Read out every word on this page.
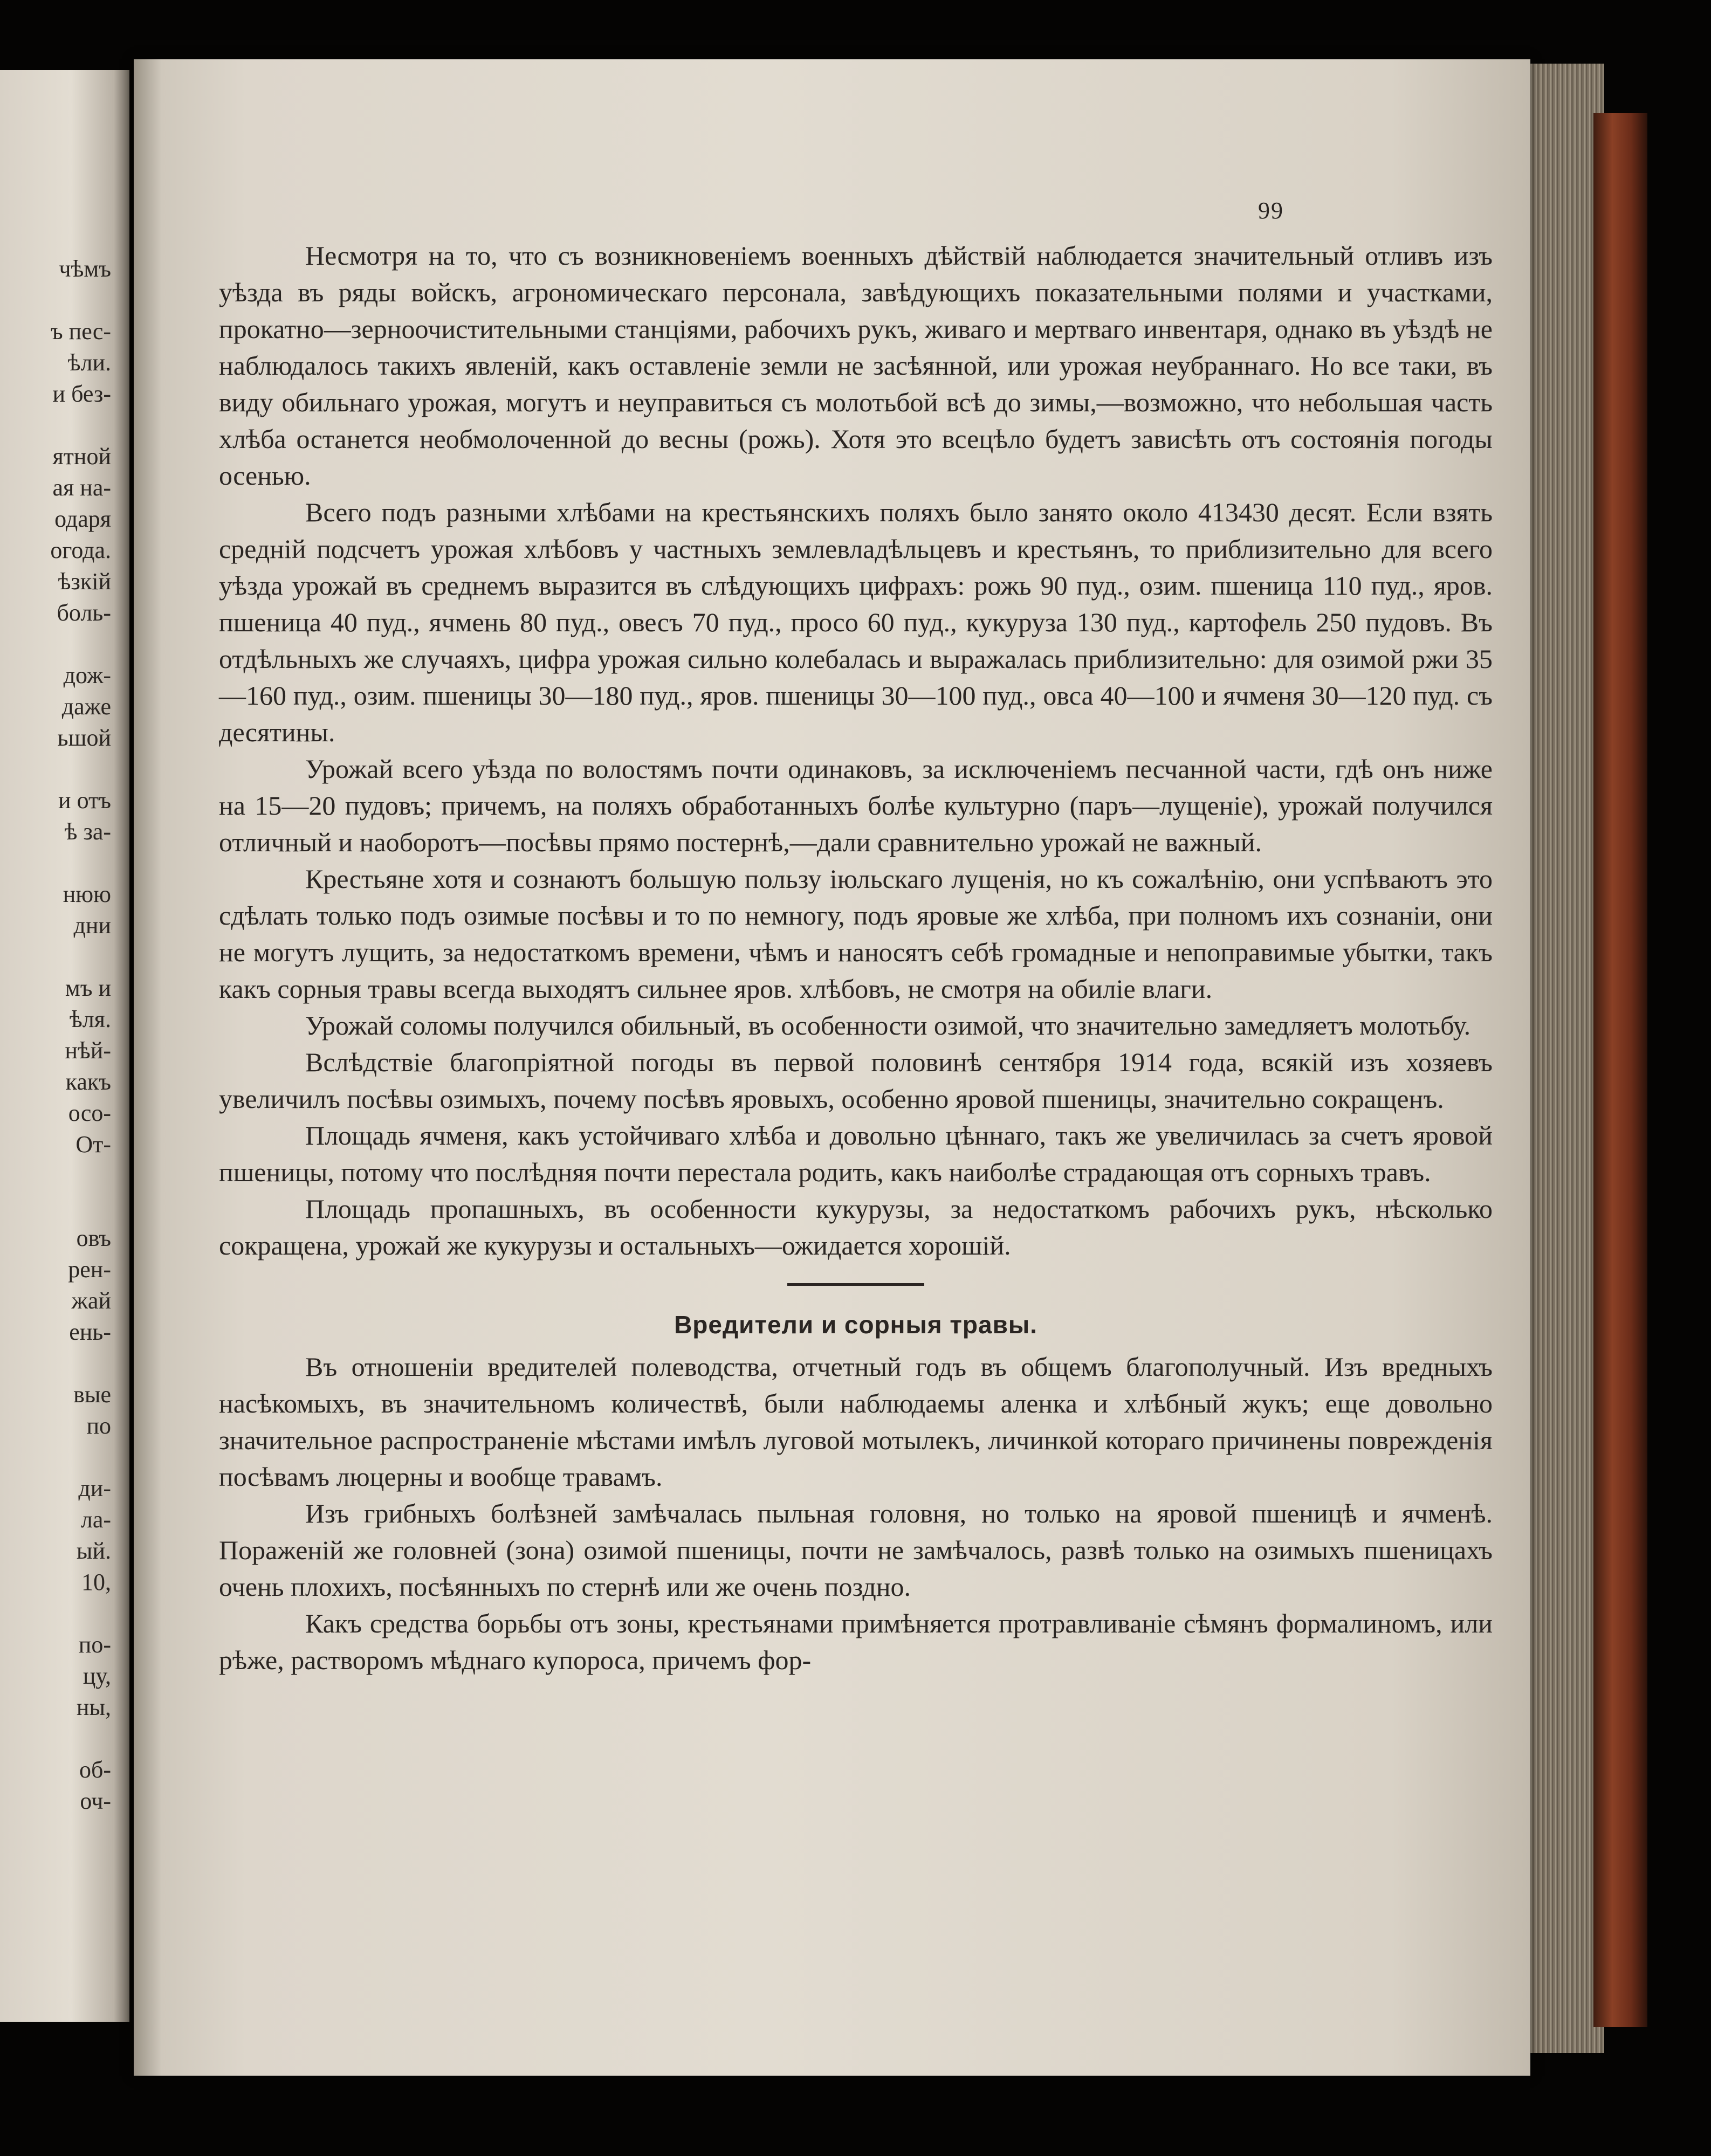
чѣмъ

ъ пес-
ѣли.
и без-

ятной
ая на-
одаря
огода.
ѣзкій
боль-

дож-
даже
ьшой

и отъ
ѣ за-

нюю
дни

мъ и
ѣля.
нѣй-
какъ
осо-
От-

овъ
рен-
жай
ень-

вые
по

ди-
ла-
ый.
10,

по-
цу,
ны,

об-
оч-
99

Несмотря на то, что съ возникновеніемъ военныхъ дѣйствій наблюдается значительный отливъ изъ уѣзда въ ряды войскъ, агрономическаго персонала, завѣдующихъ показательными полями и участками, прокатно—зерноочистительными станціями, рабочихъ рукъ, живаго и мертваго инвентаря, однако въ уѣздѣ не наблюдалось такихъ явленій, какъ оставленіе земли не засѣянной, или урожая неубраннаго. Но все таки, въ виду обильнаго урожая, могутъ и неуправиться съ молотьбой всѣ до зимы,—возможно, что небольшая часть хлѣба останется необмолоченной до весны (рожь). Хотя это всецѣло будетъ зависѣть отъ состоянія погоды осенью.

Всего подъ разными хлѣбами на крестьянскихъ поляхъ было занято около 413430 десят. Если взять средній подсчетъ урожая хлѣбовъ у частныхъ землевладѣльцевъ и крестьянъ, то приблизительно для всего уѣзда урожай въ среднемъ выразится въ слѣдующихъ цифрахъ: рожь 90 пуд., озим. пшеница 110 пуд., яров. пшеница 40 пуд., ячмень 80 пуд., овесъ 70 пуд., просо 60 пуд., кукуруза 130 пуд., картофель 250 пудовъ. Въ отдѣльныхъ же случаяхъ, цифра урожая сильно колебалась и выражалась приблизительно: для озимой ржи 35—160 пуд., озим. пшеницы 30—180 пуд., яров. пшеницы 30—100 пуд., овса 40—100 и ячменя 30—120 пуд. съ десятины.

Урожай всего уѣзда по волостямъ почти одинаковъ, за исключеніемъ песчанной части, гдѣ онъ ниже на 15—20 пудовъ; причемъ, на поляхъ обработанныхъ болѣе культурно (паръ—лущеніе), урожай получился отличный и наоборотъ—посѣвы прямо постернѣ,—дали сравнительно урожай не важный.

Крестьяне хотя и сознаютъ большую пользу іюльскаго лущенія, но къ сожалѣнію, они успѣваютъ это сдѣлать только подъ озимые посѣвы и то по немногу, подъ яровые же хлѣба, при полномъ ихъ сознаніи, они не могутъ лущить, за недостаткомъ времени, чѣмъ и наносятъ себѣ громадные и непоправимые убытки, такъ какъ сорныя травы всегда выходятъ сильнее яров. хлѣбовъ, не смотря на обиліе влаги.

Урожай соломы получился обильный, въ особенности озимой, что значительно замедляетъ молотьбу.

Вслѣдствіе благопріятной погоды въ первой половинѣ сентября 1914 года, всякій изъ хозяевъ увеличилъ посѣвы озимыхъ, почему посѣвъ яровыхъ, особенно яровой пшеницы, значительно сокращенъ.

Площадь ячменя, какъ устойчиваго хлѣба и довольно цѣннаго, такъ же увеличилась за счетъ яровой пшеницы, потому что послѣдняя почти перестала родить, какъ наиболѣе страдающая отъ сорныхъ травъ.

Площадь пропашныхъ, въ особенности кукурузы, за недостаткомъ рабочихъ рукъ, нѣсколько сокращена, урожай же кукурузы и остальныхъ—ожидается хорошій.

Вредители и сорныя травы.

Въ отношеніи вредителей полеводства, отчетный годъ въ общемъ благополучный. Изъ вредныхъ насѣкомыхъ, въ значительномъ количествѣ, были наблюдаемы аленка и хлѣбный жукъ; еще довольно значительное распространеніе мѣстами имѣлъ луговой мотылекъ, личинкой котораго причинены поврежденія посѣвамъ люцерны и вообще травамъ.

Изъ грибныхъ болѣзней замѣчалась пыльная головня, но только на яровой пшеницѣ и ячменѣ. Пораженій же головней (зона) озимой пшеницы, почти не замѣчалось, развѣ только на озимыхъ пшеницахъ очень плохихъ, посѣянныхъ по стернѣ или же очень поздно.

Какъ средства борьбы отъ зоны, крестьянами примѣняется протравливаніе сѣмянъ формалиномъ, или рѣже, растворомъ мѣднаго купороса, причемъ фор-
